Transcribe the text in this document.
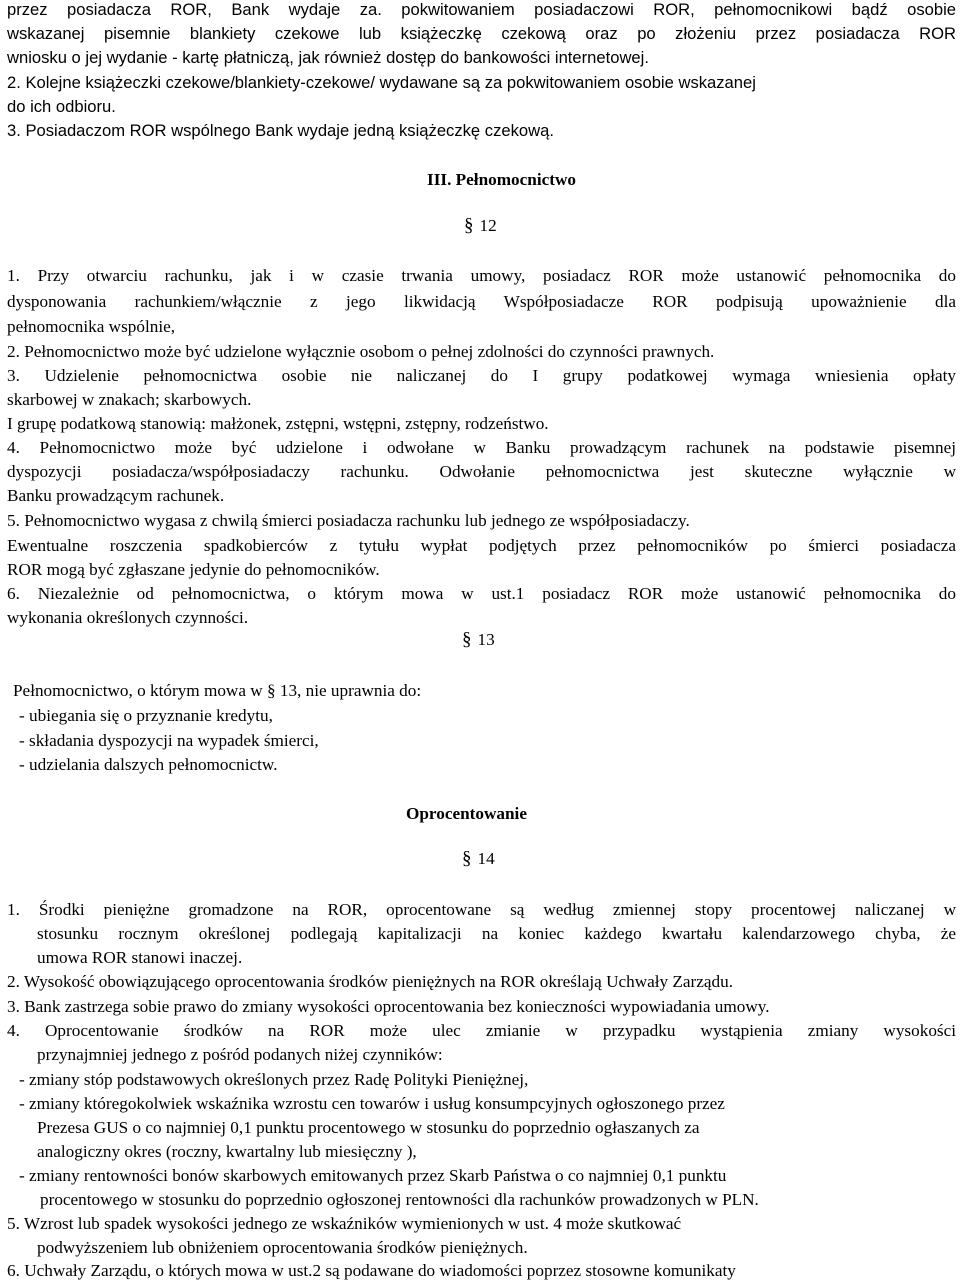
przez posiadacza ROR, Bank wydaje za. pokwitowaniem posiadaczowi ROR, pełnomocnikowi bądź osobie
wskazanej pisemnie blankiety czekowe lub książeczkę czekową oraz po złożeniu przez posiadacza ROR
wniosku o jej wydanie - kartę płatniczą, jak również dostęp do bankowości internetowej.
2. Kolejne książeczki czekowe/blankiety-czekowe/ wydawane są za pokwitowaniem osobie wskazanej
do ich odbioru.
3. Posiadaczom ROR wspólnego Bank wydaje jedną książeczkę czekową.
III. Pełnomocnictwo
§ 12
1. Przy otwarciu rachunku, jak i w czasie trwania umowy, posiadacz ROR może ustanowić pełnomocnika do
dysponowania rachunkiem/włącznie z jego likwidacją Współposiadacze ROR podpisują upoważnienie dla
pełnomocnika wspólnie,
2. Pełnomocnictwo może być udzielone wyłącznie osobom o pełnej zdolności do czynności prawnych.
3. Udzielenie pełnomocnictwa osobie nie naliczanej do I grupy podatkowej wymaga wniesienia opłaty
skarbowej w znakach; skarbowych.
I grupę podatkową stanowią: małżonek, zstępni, wstępni, zstępny, rodzeństwo.
4. Pełnomocnictwo może być udzielone i odwołane w Banku prowadzącym rachunek na podstawie pisemnej
dyspozycji posiadacza/współposiadaczy rachunku. Odwołanie pełnomocnictwa jest skuteczne wyłącznie w
Banku prowadzącym rachunek.
5. Pełnomocnictwo wygasa z chwilą śmierci posiadacza rachunku lub jednego ze współposiadaczy.
Ewentualne roszczenia spadkobierców z tytułu wypłat podjętych przez pełnomocników po śmierci posiadacza
ROR mogą być zgłaszane jedynie do pełnomocników.
6. Niezależnie od pełnomocnictwa, o którym mowa w ust.1 posiadacz ROR może ustanowić pełnomocnika do
wykonania określonych czynności.
§ 13
Pełnomocnictwo, o którym mowa w § 13, nie uprawnia do:
- ubiegania się o przyznanie kredytu,
- składania dyspozycji na wypadek śmierci,
- udzielania dalszych pełnomocnictw.
Oprocentowanie
§ 14
1. Środki pieniężne gromadzone na ROR, oprocentowane są według zmiennej stopy procentowej naliczanej w
stosunku rocznym określonej podlegają kapitalizacji na koniec każdego kwartału kalendarzowego chyba, że
umowa ROR stanowi inaczej.
2. Wysokość obowiązującego oprocentowania środków pieniężnych na ROR określają Uchwały Zarządu.
3. Bank zastrzega sobie prawo do zmiany wysokości oprocentowania bez konieczności wypowiadania umowy.
4. Oprocentowanie środków na ROR może ulec zmianie w przypadku wystąpienia zmiany wysokości
przynajmniej jednego z pośród podanych niżej czynników:
- zmiany stóp podstawowych określonych przez Radę Polityki Pieniężnej,
- zmiany któregokolwiek wskaźnika wzrostu cen towarów i usług konsumpcyjnych ogłoszonego przez
Prezesa GUS o co najmniej 0,1 punktu procentowego w stosunku do poprzednio ogłaszanych za
analogiczny okres (roczny, kwartalny lub miesięczny ),
- zmiany rentowności bonów skarbowych emitowanych przez Skarb Państwa o co najmniej 0,1 punktu
procentowego w stosunku do poprzednio ogłoszonej rentowności dla rachunków prowadzonych w PLN.
5. Wzrost lub spadek wysokości jednego ze wskaźników wymienionych w ust. 4 może skutkować
podwyższeniem lub obniżeniem oprocentowania środków pieniężnych.
6. Uchwały Zarządu, o których mowa w ust.2 są podawane do wiadomości poprzez stosowne komunikaty
